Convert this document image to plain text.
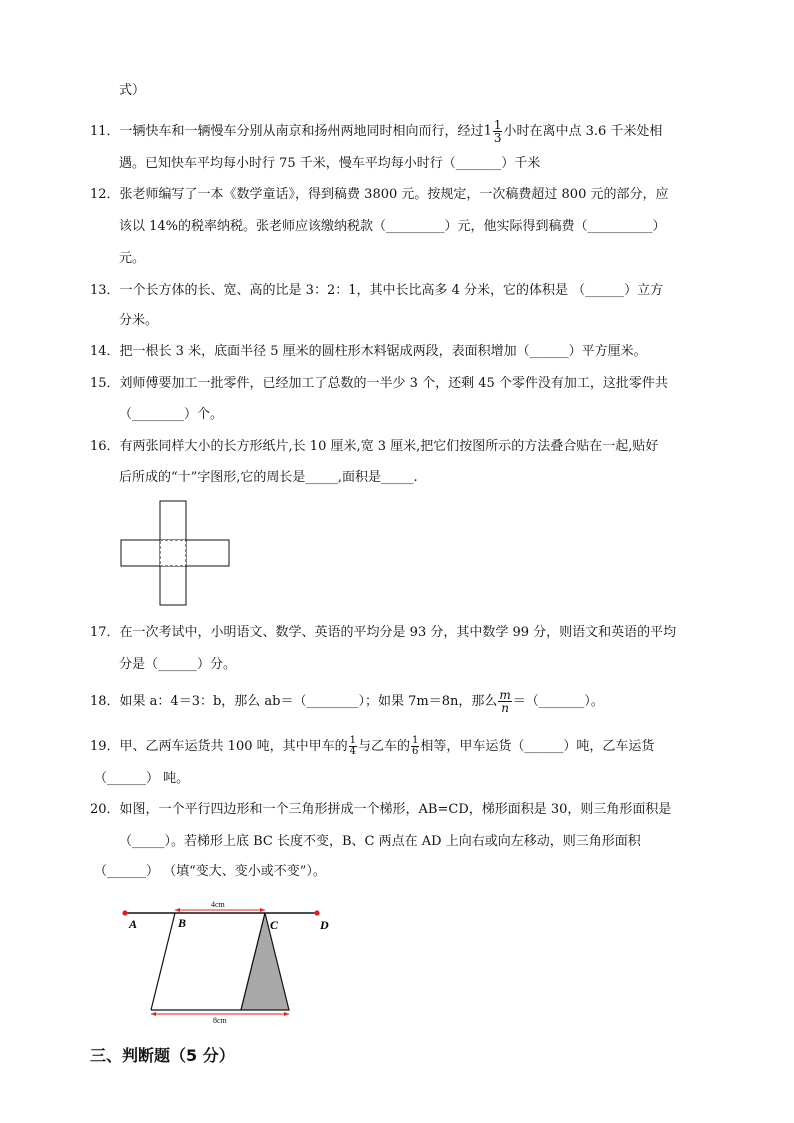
式）
11．一辆快车和一辆慢车分别从南京和扬州两地同时相向而行，经过$1 \frac{1}{3}$ 小时在离中点 3.6 千米处相
遇。已知快车平均每小时行 75 千米，慢车平均每小时行（_______）千米
12．张老师编写了一本《数学童话》，得到稿费 3800 元。按规定，一次稿费超过 800 元的部分，应
该以 14%的税率纳税。张老师应该缴纳税款（_________）元，他实际得到稿费（__________）
元。
13．一个长方体的长、宽、高的比是 3：2：1，其中长比高多 4 分米，它的体积是 （______）立方
分米。
14．把一根长 3 米，底面半径 5 厘米的圆柱形木料锯成两段，表面积增加（______）平方厘米。
15．刘师傅要加工一批零件，已经加工了总数的一半少 3 个，还剩 45 个零件没有加工，这批零件共
（________）个。
16．有两张同样大小的长方形纸片,长 10 厘米,宽 3 厘米,把它们按图所示的方法叠合贴在一起,贴好
后所成的“十”字图形,它的周长是_____,面积是_____.
17．在一次考试中，小明语文、数学、英语的平均分是 93 分，其中数学 99 分，则语文和英语的平均
分是（______）分。
18．如果 a：4＝3：b，那么 ab＝（________）；如果 7m＝8n，那么 $\frac{m}{n}$ ＝（_______）。
19．甲、乙两车运货共 100 吨，其中甲车的 $\frac{1}{4}$ 与乙车的 $\frac{1}{6}$ 相等，甲车运货（______）吨，乙车运货
（______） 吨。
20．如图，一个平行四边形和一个三角形拼成一个梯形，AB=CD，梯形面积是 30，则三角形面积是
（_____）。若梯形上底 BC 长度不变，B、C 两点在 AD 上向右或向左移动，则三角形面积
（______） （填“变大、变小或不变”）。
4cm
8cm
A	B	C	D
三、判断题（5 分）
